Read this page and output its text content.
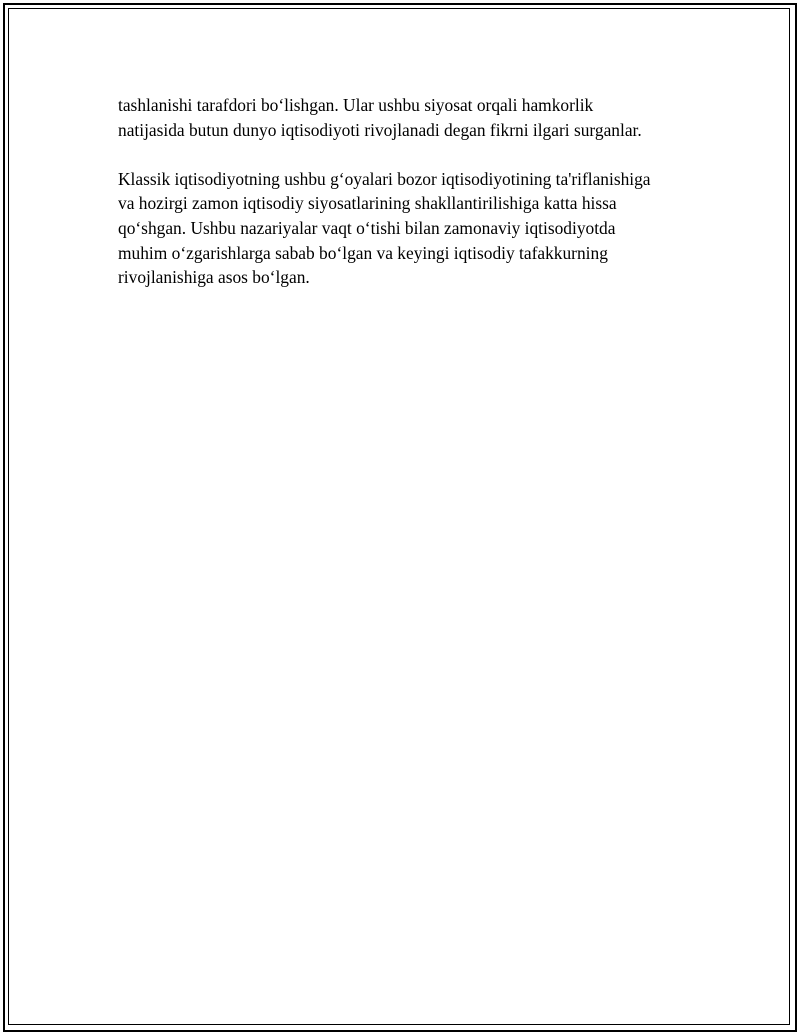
tashlanishi tarafdori bo‘lishgan. Ular ushbu siyosat orqali hamkorlik
natijasida butun dunyo iqtisodiyoti rivojlanadi degan fikrni ilgari surganlar.

Klassik iqtisodiyotning ushbu g‘oyalari bozor iqtisodiyotining ta'riflanishiga
va hozirgi zamon iqtisodiy siyosatlarining shakllantirilishiga katta hissa
qo‘shgan. Ushbu nazariyalar vaqt o‘tishi bilan zamonaviy iqtisodiyotda
muhim o‘zgarishlarga sabab bo‘lgan va keyingi iqtisodiy tafakkurning
rivojlanishiga asos bo‘lgan.
